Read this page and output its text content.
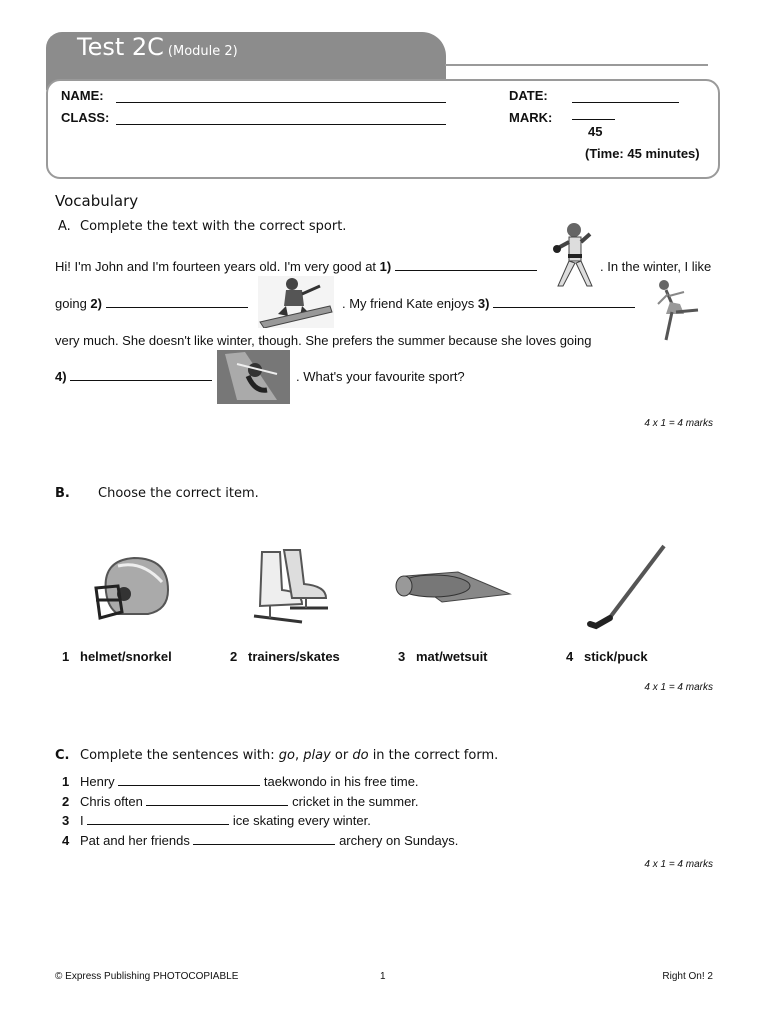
Test 2C (Module 2)
NAME:
CLASS:
DATE:
MARK:
45
(Time: 45 minutes)
Vocabulary
A. Complete the text with the correct sport.
Hi! I'm John and I'm fourteen years old. I'm very good at 1)	. In the winter, I like
going 2)	. My friend Kate enjoys 3)
very much. She doesn't like winter, though. She prefers the summer because she loves going
4)	. What's your favourite sport?
4 x 1 = 4 marks
B. Choose the correct item.
1 helmet/snorkel	2 trainers/skates	3 mat/wetsuit	4 stick/puck
4 x 1 = 4 marks
C. Complete the sentences with: go, play or do in the correct form.
1 Henry	taekwondo in his free time.
2 Chris often	cricket in the summer.
3 I	ice skating every winter.
4 Pat and her friends	archery on Sundays.
4 x 1 = 4 marks
© Express Publishing PHOTOCOPIABLE	1	Right On! 2
